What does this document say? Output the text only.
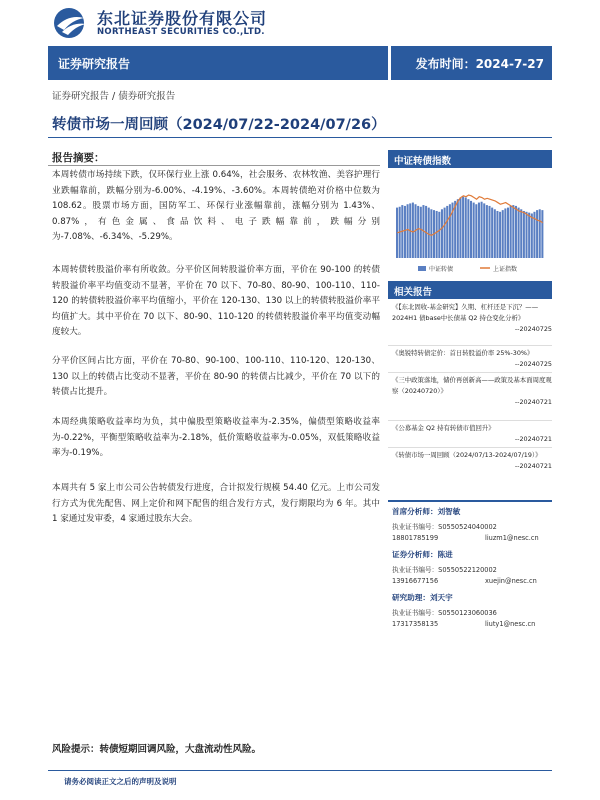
东北证券股份有限公司
NORTHEAST SECURITIES CO.,LTD.
证券研究报告	发布时间：2024-7-27
证券研究报告 / 债券研究报告
转债市场一周回顾（2024/07/22-2024/07/26）
报告摘要：

本周转债市场持续下跌，仅环保行业上涨 0.64%，社会服务、农林牧渔、美容护理行业跌幅靠前，跌幅分别为-6.00%、-4.19%、-3.60%。本周转债绝对价格中位数为 108.62。股票市场方面，国防军工、环保行业涨幅靠前，涨幅分别为 1.43%、0.87%，有色金属、食品饮料、电子跌幅靠前，跌幅分别为-7.08%、-6.34%、-5.29%。

本周转债转股溢价率有所收敛。分平价区间转股溢价率方面，平价在 90-100 的转债转股溢价率平均值变动不显著，平价在 70 以下、70-80、80-90、100-110、110-120 的转债转股溢价率平均值缩小，平价在 120-130、130 以上的转债转股溢价率平均值扩大。其中平价在 70 以下、80-90、110-120 的转债转股溢价率平均值变动幅度较大。

分平价区间占比方面，平价在 70-80、90-100、100-110、110-120、120-130、130 以上的转债占比变动不显著，平价在 80-90 的转债占比减少，平价在 70 以下的转债占比提升。

本周经典策略收益率均为负，其中偏股型策略收益率为-2.35%，偏债型策略收益率为-0.22%，平衡型策略收益率为-2.18%，低价策略收益率为-0.05%，双低策略收益率为-0.19%。

本周共有 5 家上市公司公告转债发行进度，合计拟发行规模 54.40 亿元。上市公司发行方式为优先配售、网上定价和网下配售的组合发行方式，发行期限均为 6 年。其中 1 家通过发审委，4 家通过股东大会。

中证转债指数
中证转债	上证指数
相关报告
《【东北固收-基金研究】久期、杠杆还是下沉？——2024H1 债base中长债基 Q2 持仓变化分析》
--20240725
《奥锐特转债定价：首日转股溢价率 25%-30%》
--20240725
《三中政策落地，储价再创新高——政策及基本面周度观察（20240720）》
--20240721
《公募基金 Q2 持有转债市值回升》
--20240721
《转债市场一周回顾（2024/07/13-2024/07/19）》
--20240721
首席分析师：刘智敏
执业证书编号：S0550524040002
18801785199	liuzm1@nesc.cn
证券分析师：陈进
执业证书编号：S0550522120002
13916677156	xuejin@nesc.cn
研究助理：刘天宇
执业证书编号：S0550123060036
17317358135	liuty1@nesc.cn
风险提示：转债短期回调风险，大盘流动性风险。
请务必阅读正文之后的声明及说明
